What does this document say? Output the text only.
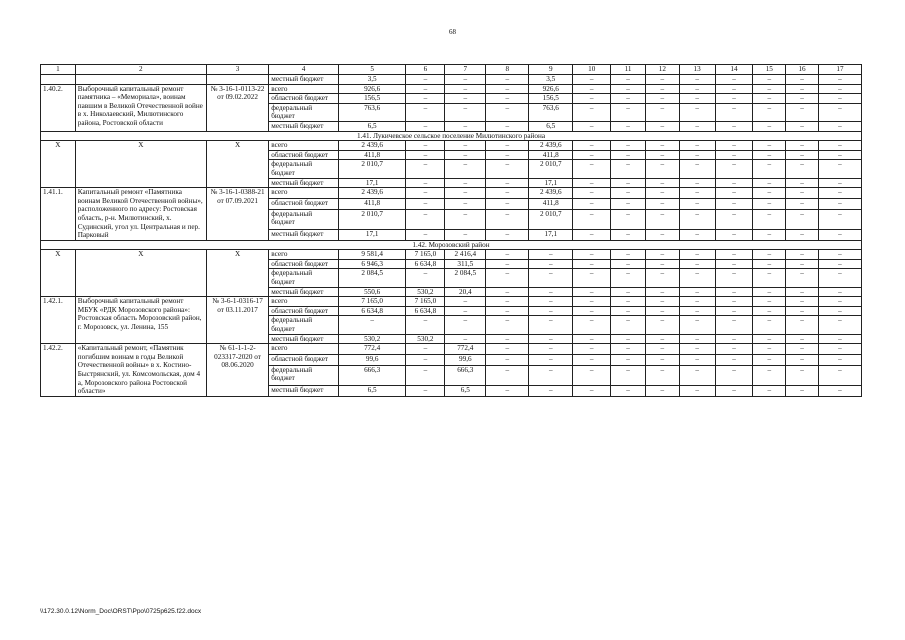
68
1	2	3	4	5	6	7	8	9	10	11	12	13	14	15	16	17
			местный бюджет	3,5	–	–	–	3,5	–	–	–	–	–	–	–	–
1.40.2.	Выборочный капитальный ремонт памятника – «Мемориала», воинам павшим в Великой Отечественной войне в х. Николаевский, Милютинского района, Ростовской области	№ 3-16-1-0113-22 от 09.02.2022	всего	926,6	–	–	–	926,6	–	–	–	–	–	–	–	–
			областной бюджет	156,5	–	–	–	156,5	–	–	–	–	–	–	–	–
			федеральный бюджет	763,6	–	–	–	763,6	–	–	–	–	–	–	–	–
			местный бюджет	6,5	–	–	–	6,5	–	–	–	–	–	–	–	–
1.41. Лукичевское сельское поселение Милютинского района																
Х	Х	Х	всего	2 439,6	–	–	–	2 439,6	–	–	–	–	–	–	–	–
			областной бюджет	411,8	–	–	–	411,8	–	–	–	–	–	–	–	–
			федеральный бюджет	2 010,7	–	–	–	2 010,7	–	–	–	–	–	–	–	–
			местный бюджет	17,1	–	–	–	17,1	–	–	–	–	–	–	–	–
1.41.1.	Капитальный ремонт «Памятника воинам Великой Отечественной войны», расположенного по адресу: Ростовская область, р-н. Милютинский, х. Судинский, угол ул. Центральная и пер. Парковый	№ 3-16-1-0388-21 от 07.09.2021	всего	2 439,6	–	–	–	2 439,6	–	–	–	–	–	–	–	–
			областной бюджет	411,8	–	–	–	411,8	–	–	–	–	–	–	–	–
			федеральный бюджет	2 010,7	–	–	–	2 010,7	–	–	–	–	–	–	–	–
			местный бюджет	17,1	–	–	–	17,1	–	–	–	–	–	–	–	–
1.42. Морозовский район																
Х	Х	Х	всего	9 581,4	7 165,0	2 416,4	–	–	–	–	–	–	–	–	–	–
			областной бюджет	6 946,3	6 634,8	311,5	–	–	–	–	–	–	–	–	–	–
			федеральный бюджет	2 084,5	–	2 084,5	–	–	–	–	–	–	–	–	–	–
			местный бюджет	550,6	530,2	20,4	–	–	–	–	–	–	–	–	–	–
1.42.1.	Выборочный капитальный ремонт МБУК «РДК Морозовского района»: Ростовская область Морозовский район, г. Морозовск, ул. Ленина, 155	№ 3-6-1-0316-17 от 03.11.2017	всего	7 165,0	7 165,0	–	–	–	–	–	–	–	–	–	–	–
			областной бюджет	6 634,8	6 634,8	–	–	–	–	–	–	–	–	–	–	–
			федеральный бюджет	–	–	–	–	–	–	–	–	–	–	–	–	–
			местный бюджет	530,2	530,2	–	–	–	–	–	–	–	–	–	–	–
1.42.2.	«Капитальный ремонт, «Памятник погибшим воинам в годы Великой Отечественной войны» в х. Костино-Быстрянский, ул. Комсомольская, дом 4 а, Морозовского района Ростовской области»	№ 61-1-1-2-023317-2020 от 08.06.2020	всего	772,4	–	772,4	–	–	–	–	–	–	–	–	–	–
			областной бюджет	99,6	–	99,6	–	–	–	–	–	–	–	–	–	–
			федеральный бюджет	666,3	–	666,3	–	–	–	–	–	–	–	–	–	–
			местный бюджет	6,5	–	6,5	–	–	–	–	–	–	–	–	–	–
\\172.30.0.12\Norm_Doc\ORST\Ppo\0725p625.f22.docx
